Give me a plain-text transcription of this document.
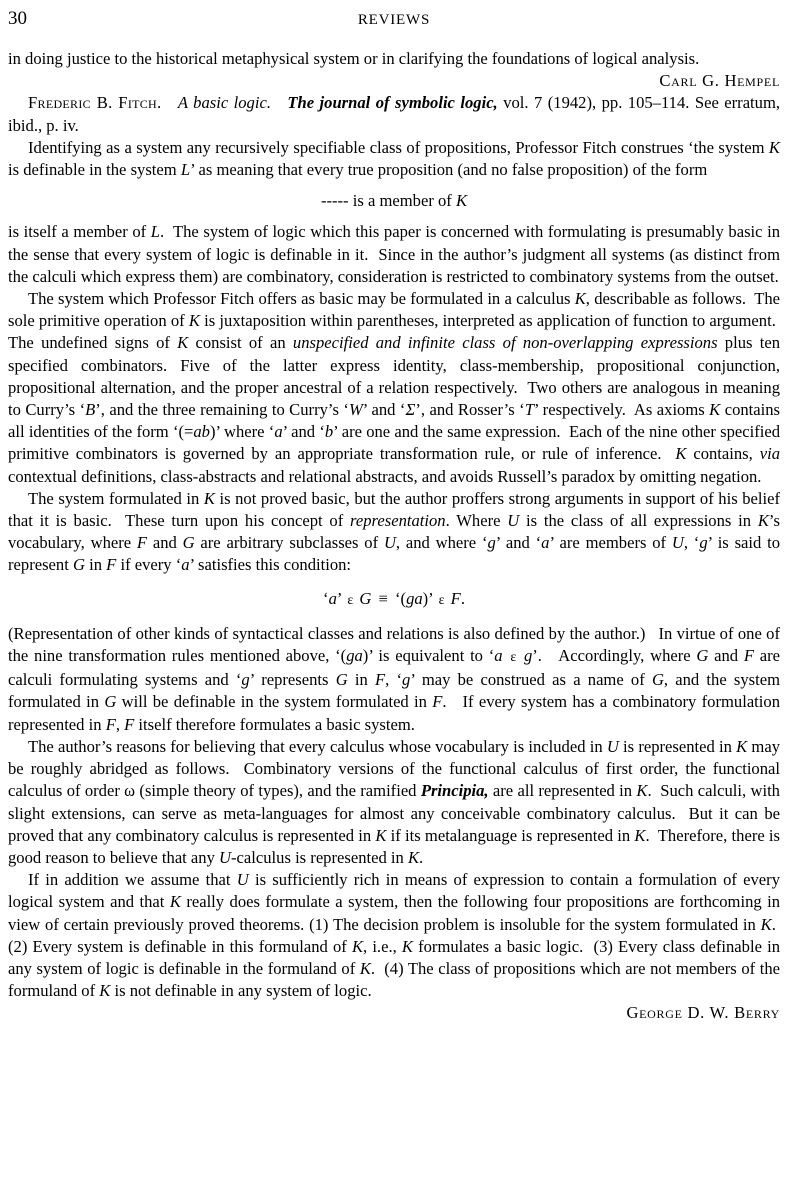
30	REVIEWS

in doing justice to the historical metaphysical system or in clarifying the foundations of logical analysis.

Carl G. Hempel

Frederic B. Fitch. A basic logic. The journal of symbolic logic, vol. 7 (1942), pp. 105–114. See erratum, ibid., p. iv.

Identifying as a system any recursively specifiable class of propositions, Professor Fitch construes ‘the system K is definable in the system L’ as meaning that every true proposition (and no false proposition) of the form

----- is a member of K

is itself a member of L.  The system of logic which this paper is concerned with formulating is presumably basic in the sense that every system of logic is definable in it.  Since in the author’s judgment all systems (as distinct from the calculi which express them) are combinatory, consideration is restricted to combinatory systems from the outset.

The system which Professor Fitch offers as basic may be formulated in a calculus K, describable as follows.  The sole primitive operation of K is juxtaposition within parentheses, interpreted as application of function to argument.  The undefined signs of K consist of an unspecified and infinite class of non-overlapping expressions plus ten specified combinators. Five of the latter express identity, class-membership, propositional conjunction, propositional alternation, and the proper ancestral of a relation respectively.  Two others are analogous in meaning to Curry’s ‘B’, and the three remaining to Curry’s ‘W’ and ‘Σ’, and Rosser’s ‘T’ respectively.  As axioms K contains all identities of the form ‘(=ab)’ where ‘a’ and ‘b’ are one and the same expression.  Each of the nine other specified primitive combinators is governed by an appropriate transformation rule, or rule of inference.  K contains, via contextual definitions, class-abstracts and relational abstracts, and avoids Russell’s paradox by omitting negation.

The system formulated in K is not proved basic, but the author proffers strong arguments in support of his belief that it is basic.  These turn upon his concept of representation. Where U is the class of all expressions in K’s vocabulary, where F and G are arbitrary subclasses of U, and where ‘g’ and ‘a’ are members of U, ‘g’ is said to represent G in F if every ‘a’ satisfies this condition:

‘a’ ε G ≡ ‘(ga)’ ε F.

(Representation of other kinds of syntactical classes and relations is also defined by the author.)   In virtue of one of the nine transformation rules mentioned above, ‘(ga)’ is equivalent to ‘a ε g’.   Accordingly, where G and F are calculi formulating systems and ‘g’ represents G in F, ‘g’ may be construed as a name of G, and the system formulated in G will be definable in the system formulated in F.   If every system has a combinatory formulation represented in F, F itself therefore formulates a basic system.

The author’s reasons for believing that every calculus whose vocabulary is included in U is represented in K may be roughly abridged as follows.  Combinatory versions of the functional calculus of first order, the functional calculus of order ω (simple theory of types), and the ramified Principia, are all represented in K.  Such calculi, with slight extensions, can serve as meta-languages for almost any conceivable combinatory calculus.  But it can be proved that any combinatory calculus is represented in K if its metalanguage is represented in K.  Therefore, there is good reason to believe that any U-calculus is represented in K.

If in addition we assume that U is sufficiently rich in means of expression to contain a formulation of every logical system and that K really does formulate a system, then the following four propositions are forthcoming in view of certain previously proved theorems. (1) The decision problem is insoluble for the system formulated in K.  (2) Every system is definable in this formuland of K, i.e., K formulates a basic logic.  (3) Every class definable in any system of logic is definable in the formuland of K.  (4) The class of propositions which are not members of the formuland of K is not definable in any system of logic.

George D. W. Berry
